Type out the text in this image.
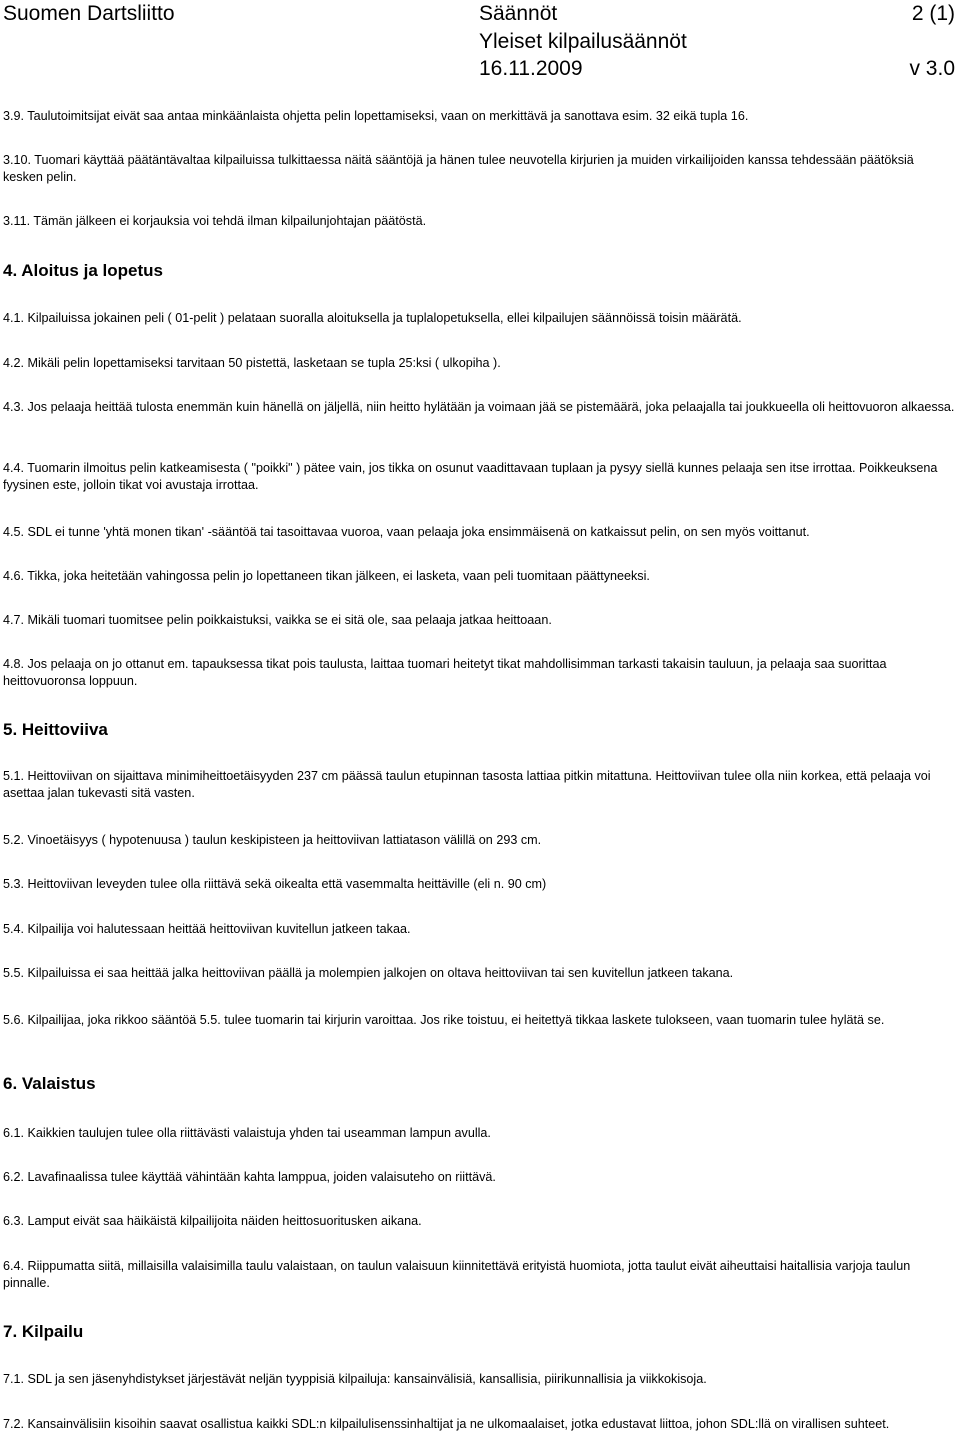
Suomen Dartsliitto	Säännöt	2 (1)
Yleiset kilpailusäännöt
16.11.2009	v 3.0

3.9. Taulutoimitsijat eivät saa antaa minkäänlaista ohjetta pelin lopettamiseksi, vaan on merkittävä ja sanottava esim. 32 eikä tupla 16.

3.10. Tuomari käyttää päätäntävaltaa kilpailuissa tulkittaessa näitä sääntöjä ja hänen tulee neuvotella kirjurien ja muiden virkailijoiden kanssa tehdessään päätöksiä kesken pelin.

3.11. Tämän jälkeen ei korjauksia voi tehdä ilman kilpailunjohtajan päätöstä.

4. Aloitus ja lopetus

4.1. Kilpailuissa jokainen peli ( 01-pelit ) pelataan suoralla aloituksella ja tuplalopetuksella, ellei kilpailujen säännöissä toisin määrätä.

4.2. Mikäli pelin lopettamiseksi tarvitaan 50 pistettä, lasketaan se tupla 25:ksi ( ulkopiha ).

4.3. Jos pelaaja heittää tulosta enemmän kuin hänellä on jäljellä, niin heitto hylätään ja voimaan jää se pistemäärä, joka pelaajalla tai joukkueella oli heittovuoron alkaessa.

4.4. Tuomarin ilmoitus pelin katkeamisesta ( "poikki" ) pätee vain, jos tikka on osunut vaadittavaan tuplaan ja pysyy siellä kunnes pelaaja sen itse irrottaa. Poikkeuksena fyysinen este, jolloin tikat voi avustaja irrottaa.

4.5. SDL ei tunne 'yhtä monen tikan' -sääntöä tai tasoittavaa vuoroa, vaan pelaaja joka ensimmäisenä on katkaissut pelin, on sen myös voittanut.

4.6. Tikka, joka heitetään vahingossa pelin jo lopettaneen tikan jälkeen, ei lasketa, vaan peli tuomitaan päättyneeksi.

4.7. Mikäli tuomari tuomitsee pelin poikkaistuksi, vaikka se ei sitä ole, saa pelaaja jatkaa heittoaan.

4.8. Jos pelaaja on jo ottanut em. tapauksessa tikat pois taulusta, laittaa tuomari heitetyt tikat mahdollisimman tarkasti takaisin tauluun, ja pelaaja saa suorittaa heittovuoronsa loppuun.

5. Heittoviiva

5.1. Heittoviivan on sijaittava minimiheittoetäisyyden 237 cm päässä taulun etupinnan tasosta lattiaa pitkin mitattuna. Heittoviivan tulee olla niin korkea, että pelaaja voi asettaa jalan tukevasti sitä vasten.

5.2. Vinoetäisyys ( hypotenuusa ) taulun keskipisteen ja heittoviivan lattiatason välillä on 293 cm.

5.3. Heittoviivan leveyden tulee olla riittävä sekä oikealta että vasemmalta heittäville (eli n. 90 cm)

5.4. Kilpailija voi halutessaan heittää heittoviivan kuvitellun jatkeen takaa.

5.5. Kilpailuissa ei saa heittää jalka heittoviivan päällä ja molempien jalkojen on oltava heittoviivan tai sen kuvitellun jatkeen takana.

5.6. Kilpailijaa, joka rikkoo sääntöä 5.5. tulee tuomarin tai kirjurin varoittaa. Jos rike toistuu, ei heitettyä tikkaa laskete tulokseen, vaan tuomarin tulee hylätä se.

6. Valaistus

6.1. Kaikkien taulujen tulee olla riittävästi valaistuja yhden tai useamman lampun avulla.

6.2. Lavafinaalissa tulee käyttää vähintään kahta lamppua, joiden valaisuteho on riittävä.

6.3. Lamput eivät saa häikäistä kilpailijoita näiden heittosuoritusken aikana.

6.4. Riippumatta siitä, millaisilla valaisimilla taulu valaistaan, on taulun valaisuun kiinnitettävä erityistä huomiota, jotta taulut eivät aiheuttaisi haitallisia varjoja taulun pinnalle.

7. Kilpailu

7.1. SDL ja sen jäsenyhdistykset järjestävät neljän tyyppisiä kilpailuja: kansainvälisiä, kansallisia, piirikunnallisia ja viikkokisoja.

7.2. Kansainvälisiin kisoihin saavat osallistua kaikki SDL:n kilpailulisenssinhaltijat ja ne ulkomaalaiset, jotka edustavat liittoa, johon SDL:llä on virallisen suhteet.
